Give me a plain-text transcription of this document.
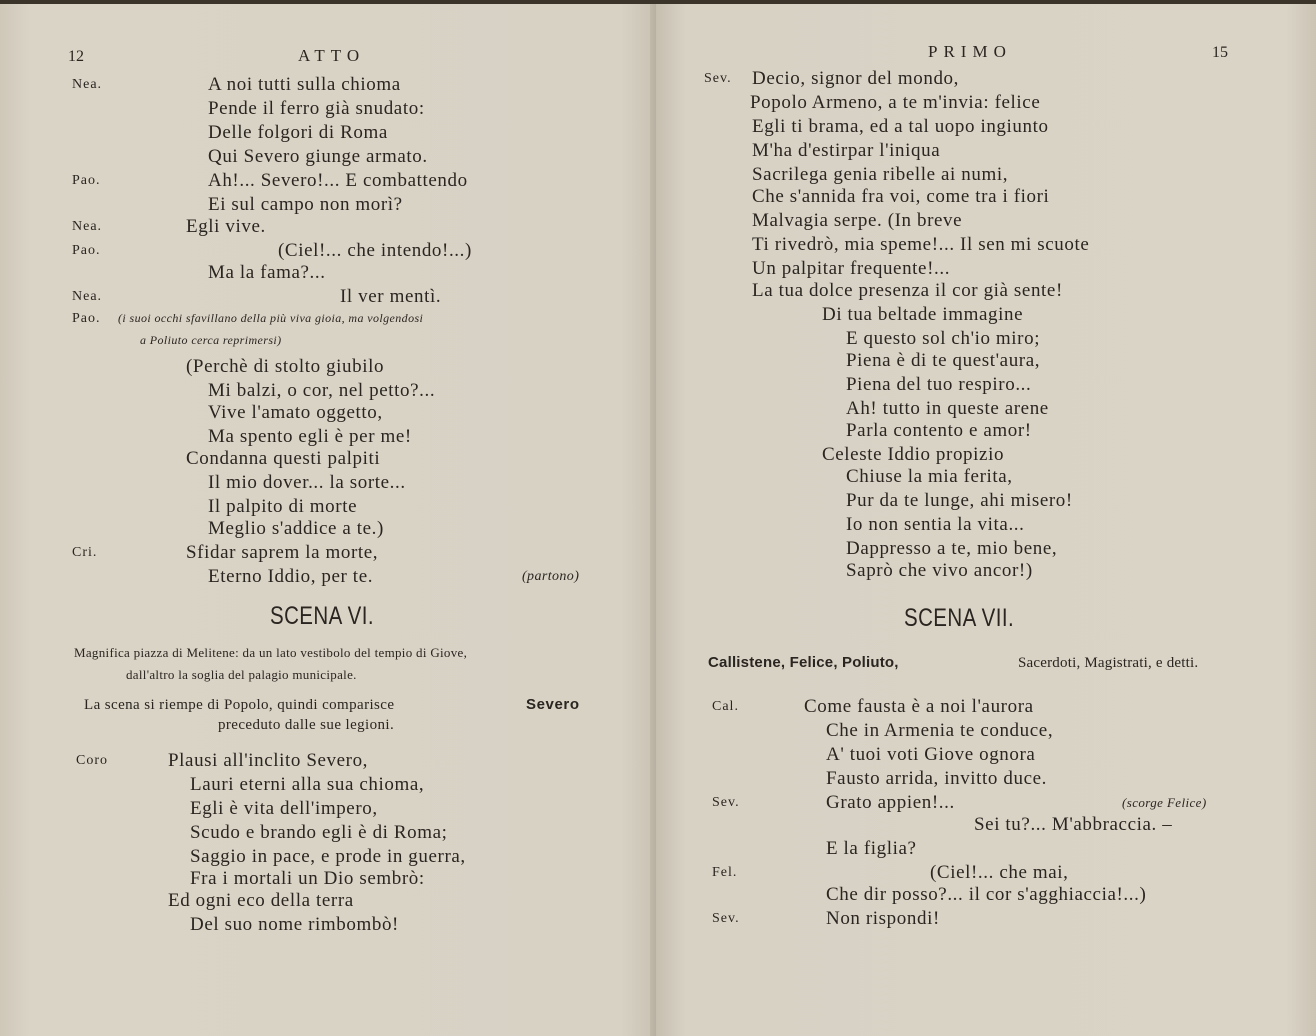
12	ATTO
Nea.	A noi tutti sulla chioma
Pende il ferro già snudato:
Delle folgori di Roma
Qui Severo giunge armato.
Pao.	Ah!... Severo!... E combattendo
Ei sul campo non morì?
Nea.	Egli vive.
Pao.	(Ciel!... che intendo!...)
Ma la fama?...
Nea.	Il ver mentì.
Pao. (i suoi occhi sfavillano della più viva gioia, ma volgendosi
a Poliuto cerca reprimersi)
(Perchè di stolto giubilo
Mi balzi, o cor, nel petto?...
Vive l'amato oggetto,
Ma spento egli è per me!
Condanna questi palpiti
Il mio dover... la sorte...
Il palpito di morte
Meglio s'addice a te.)
Cri.	Sfidar saprem la morte,
Eterno Iddio, per te.	(partono)
SCENA VI.
Magnifica piazza di Melitene: da un lato vestibolo del tempio di Giove,
dall'altro la soglia del palagio municipale.
La scena si riempe di Popolo, quindi comparisce	Severo
preceduto dalle sue legioni.
Coro	Plausi all'inclito Severo,
Lauri eterni alla sua chioma,
Egli è vita dell'impero,
Scudo e brando egli è di Roma;
Saggio in pace, e prode in guerra,
Fra i mortali un Dio sembrò:
Ed ogni eco della terra
Del suo nome rimbombò!
PRIMO	15
Sev. Decio, signor del mondo,
Popolo Armeno, a te m'invia: felice
Egli ti brama, ed a tal uopo ingiunto
M'ha d'estirpar l'iniqua
Sacrilega genia ribelle ai numi,
Che s'annida fra voi, come tra i fiori
Malvagia serpe. (In breve
Ti rivedrò, mia speme!... Il sen mi scuote
Un palpitar frequente!...
La tua dolce presenza il cor già sente!
Di tua beltade immagine
E questo sol ch'io miro;
Piena è di te quest'aura,
Piena del tuo respiro...
Ah! tutto in queste arene
Parla contento e amor!
Celeste Iddio propizio
Chiuse la mia ferita,
Pur da te lunge, ahi misero!
Io non sentia la vita...
Dappresso a te, mio bene,
Saprò che vivo ancor!)
SCENA VII.
Callistene, Felice, Poliuto,	Sacerdoti, Magistrati, e detti.
Cal.	Come fausta è a noi l'aurora
Che in Armenia te conduce,
A' tuoi voti Giove ognora
Fausto arrida, invitto duce.
Sev.	Grato appien!...	(scorge Felice)
Sei tu?... M'abbraccia. –
E la figlia?
Fel.	(Ciel!... che mai,
Che dir posso?... il cor s'agghiaccia!...)
Sev.	Non rispondi!
